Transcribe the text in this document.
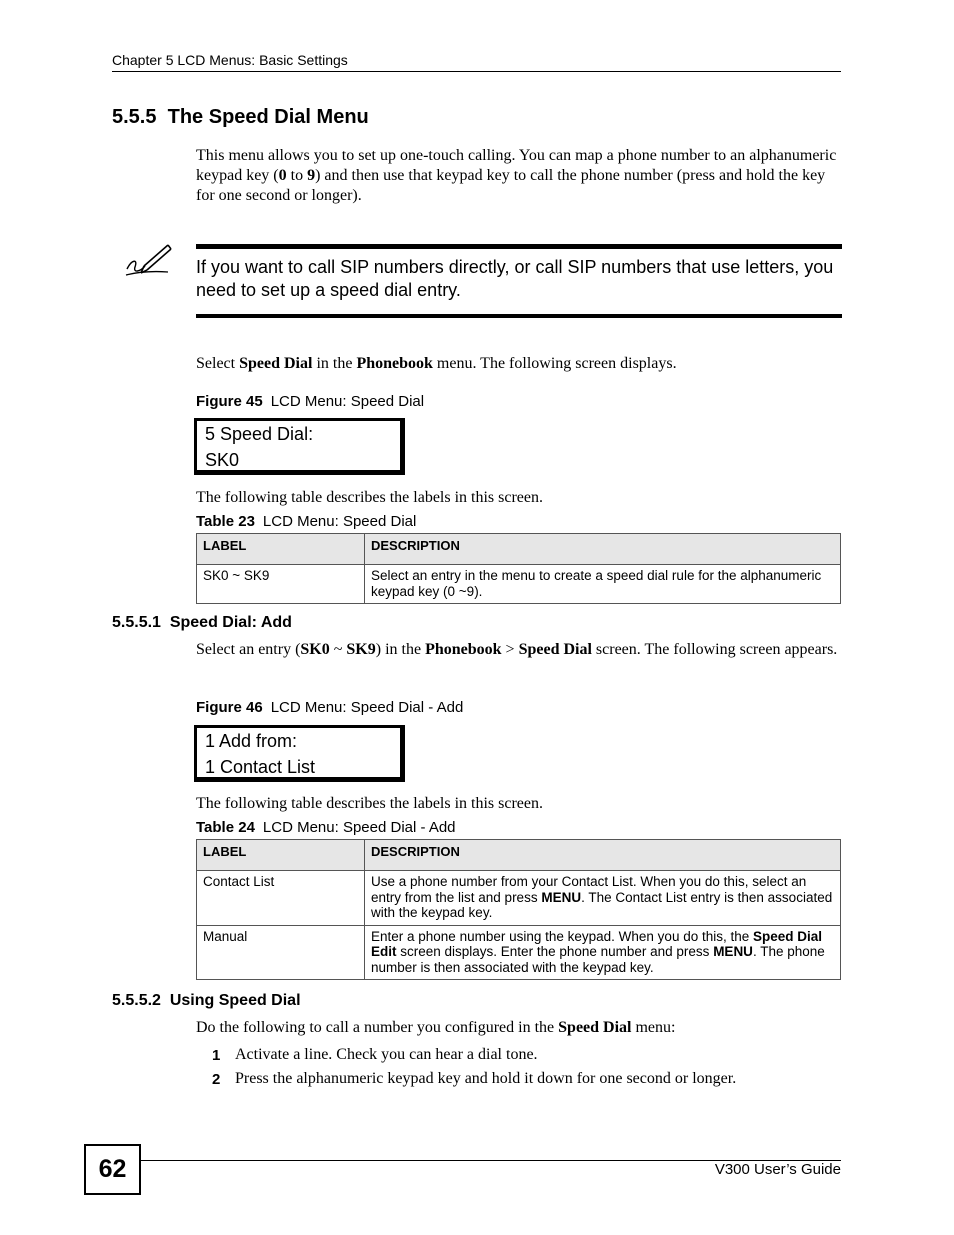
Chapter 5 LCD Menus: Basic Settings
5.5.5 The Speed Dial Menu
This menu allows you to set up one-touch calling. You can map a phone number to an alphanumeric keypad key (0 to 9) and then use that keypad key to call the phone number (press and hold the key for one second or longer).
If you want to call SIP numbers directly, or call SIP numbers that use letters, you need to set up a speed dial entry.
Select Speed Dial in the Phonebook menu. The following screen displays.
Figure 45 LCD Menu: Speed Dial
5 Speed Dial:
SK0
The following table describes the labels in this screen.
Table 23 LCD Menu: Speed Dial
LABEL	DESCRIPTION
SK0 ~ SK9	Select an entry in the menu to create a speed dial rule for the alphanumeric keypad key (0 ~9).
5.5.5.1 Speed Dial: Add
Select an entry (SK0 ~ SK9) in the Phonebook > Speed Dial screen. The following screen appears.
Figure 46 LCD Menu: Speed Dial - Add
1 Add from:
1 Contact List
The following table describes the labels in this screen.
Table 24 LCD Menu: Speed Dial - Add
LABEL	DESCRIPTION
Contact List	Use a phone number from your Contact List. When you do this, select an entry from the list and press MENU. The Contact List entry is then associated with the keypad key.
Manual	Enter a phone number using the keypad. When you do this, the Speed Dial Edit screen displays. Enter the phone number and press MENU. The phone number is then associated with the keypad key.
5.5.5.2 Using Speed Dial
Do the following to call a number you configured in the Speed Dial menu:
1 Activate a line. Check you can hear a dial tone.
2 Press the alphanumeric keypad key and hold it down for one second or longer.
62	V300 User’s Guide
